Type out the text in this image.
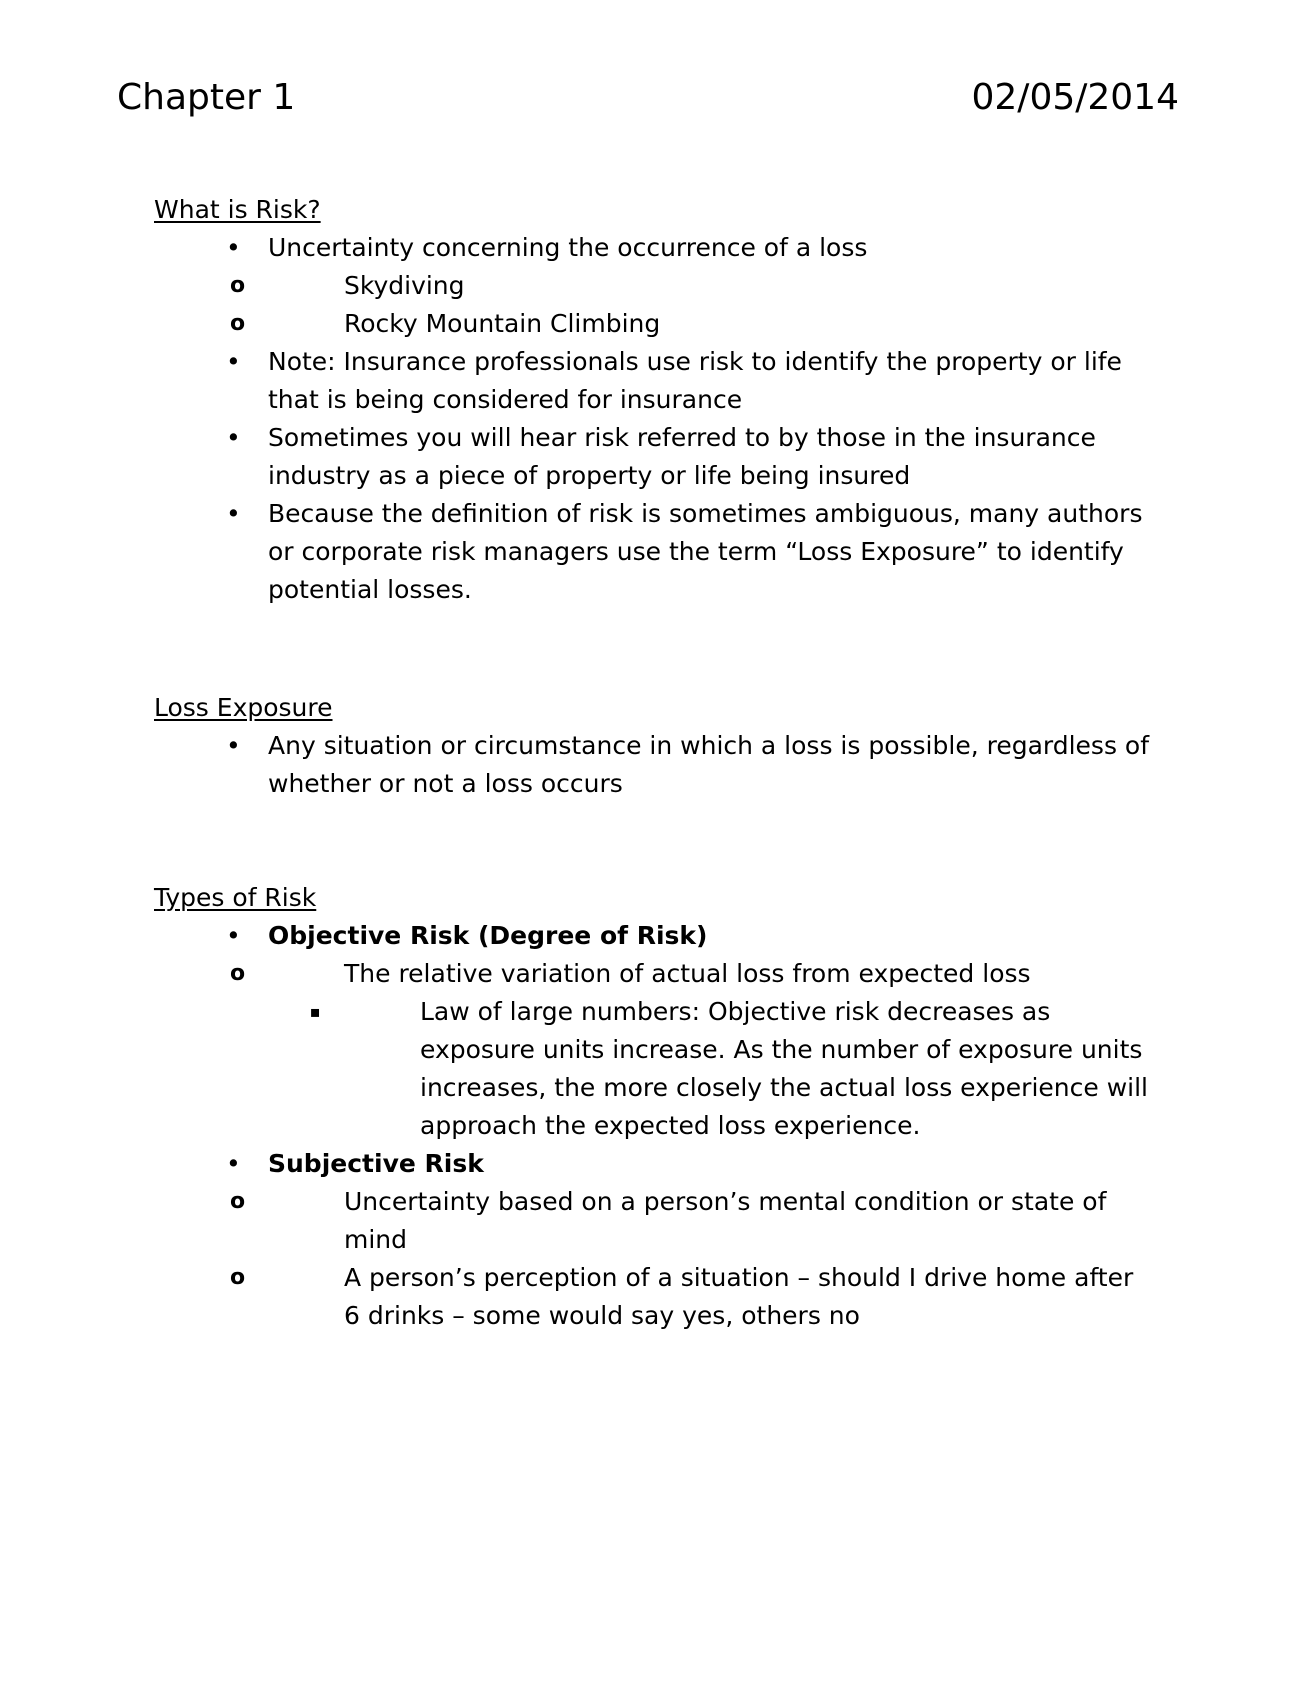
Chapter 1	02/05/2014
What is Risk?
• Uncertainty concerning the occurrence of a loss
o	Skydiving
o	Rocky Mountain Climbing
• Note: Insurance professionals use risk to identify the property or life that is being considered for insurance
• Sometimes you will hear risk referred to by those in the insurance industry as a piece of property or life being insured
• Because the definition of risk is sometimes ambiguous, many authors or corporate risk managers use the term “Loss Exposure” to identify potential losses.
Loss Exposure
• Any situation or circumstance in which a loss is possible, regardless of whether or not a loss occurs
Types of Risk
• Objective Risk (Degree of Risk)
o	The relative variation of actual loss from expected loss
▪	Law of large numbers: Objective risk decreases as exposure units increase. As the number of exposure units increases, the more closely the actual loss experience will approach the expected loss experience.
• Subjective Risk
o	Uncertainty based on a person’s mental condition or state of mind
o	A person’s perception of a situation – should I drive home after 6 drinks – some would say yes, others no
